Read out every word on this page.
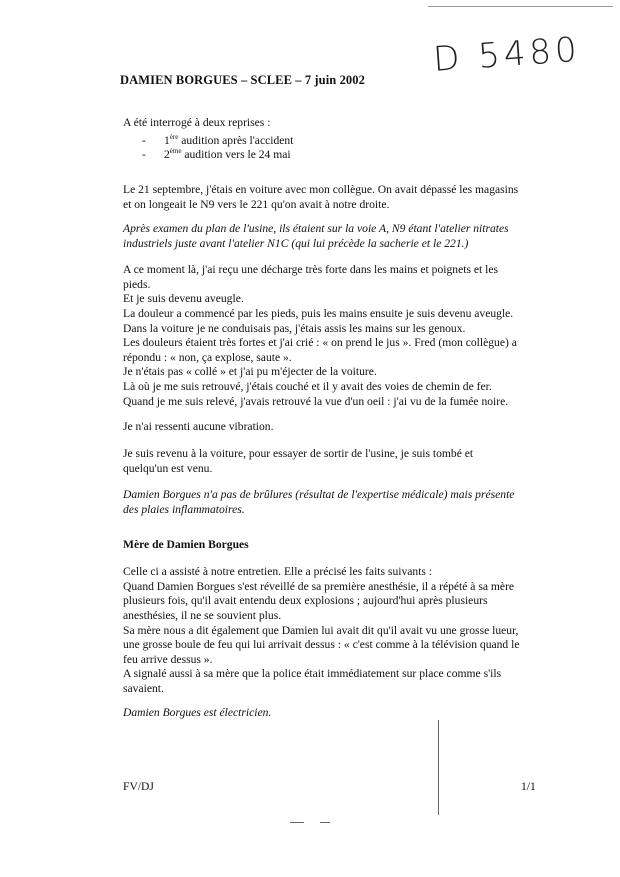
DAMIEN BORGUES – SCLEE – 7 juin 2002
D 5480
A été interrogé à deux reprises :
- 1ère audition après l'accident
- 2ème audition vers le 24 mai
Le 21 septembre, j'étais en voiture avec mon collègue. On avait dépassé les magasins
et on longeait le N9 vers le 221 qu'on avait à notre droite.
Après examen du plan de l'usine, ils étaient sur la voie A, N9 étant l'atelier nitrates
industriels juste avant l'atelier N1C (qui lui précède la sacherie et le 221.)
A ce moment là, j'ai reçu une décharge très forte dans les mains et poignets et les
pieds.
Et je suis devenu aveugle.
La douleur a commencé par les pieds, puis les mains ensuite je suis devenu aveugle.
Dans la voiture je ne conduisais pas, j'étais assis les mains sur les genoux.
Les douleurs étaient très fortes et j'ai crié : « on prend le jus ». Fred (mon collègue) a
répondu : « non, ça explose, saute ».
Je n'étais pas « collé » et j'ai pu m'éjecter de la voiture.
Là où je me suis retrouvé, j'étais couché et il y avait des voies de chemin de fer.
Quand je me suis relevé, j'avais retrouvé la vue d'un oeil : j'ai vu de la fumée noire.
Je n'ai ressenti aucune vibration.
Je suis revenu à la voiture, pour essayer de sortir de l'usine, je suis tombé et
quelqu'un est venu.
Damien Borgues n'a pas de brûlures (résultat de l'expertise médicale) mais présente
des plaies inflammatoires.
Mère de Damien Borgues
Celle ci a assisté à notre entretien. Elle a précisé les faits suivants :
Quand Damien Borgues s'est réveillé de sa première anesthésie, il a répété à sa mère
plusieurs fois, qu'il avait entendu deux explosions ; aujourd'hui après plusieurs
anesthésies, il ne se souvient plus.
Sa mère nous a dit également que Damien lui avait dit qu'il avait vu une grosse lueur,
une grosse boule de feu qui lui arrivait dessus : « c'est comme à la télévision quand le
feu arrive dessus ».
A signalé aussi à sa mère que la police était immédiatement sur place comme s'ils
savaient.
Damien Borgues est électricien.
FV/DJ	1/1
